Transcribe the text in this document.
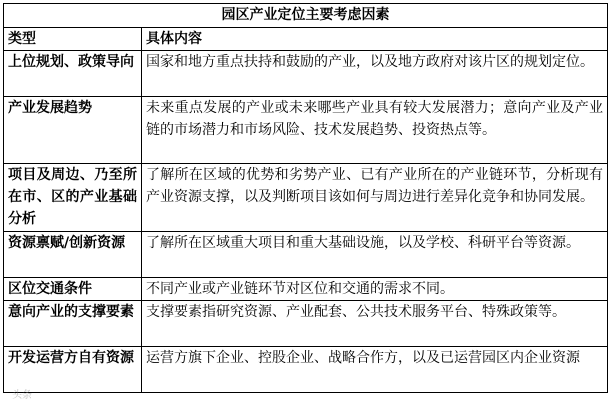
园区产业定位主要考虑因素	
类型	具体内容
上位规划、政策导向	国家和地方重点扶持和鼓励的产业，以及地方政府对该片区的规划定位。
产业发展趋势	未来重点发展的产业或未来哪些产业具有较大发展潜力；意向产业及产业链的市场潜力和市场风险、技术发展趋势、投资热点等。
项目及周边、乃至所在市、区的产业基础分析	了解所在区域的优势和劣势产业、已有产业所在的产业链环节，分析现有产业资源支撑，以及判断项目该如何与周边进行差异化竞争和协同发展。
资源禀赋/创新资源	了解所在区域重大项目和重大基础设施，以及学校、科研平台等资源。
区位交通条件	不同产业或产业链环节对区位和交通的需求不同。
意向产业的支撑要素	支撑要素指研究资源、产业配套、公共技术服务平台、特殊政策等。
开发运营方自有资源	运营方旗下企业、控股企业、战略合作方，以及已运营园区内企业资源
头条
